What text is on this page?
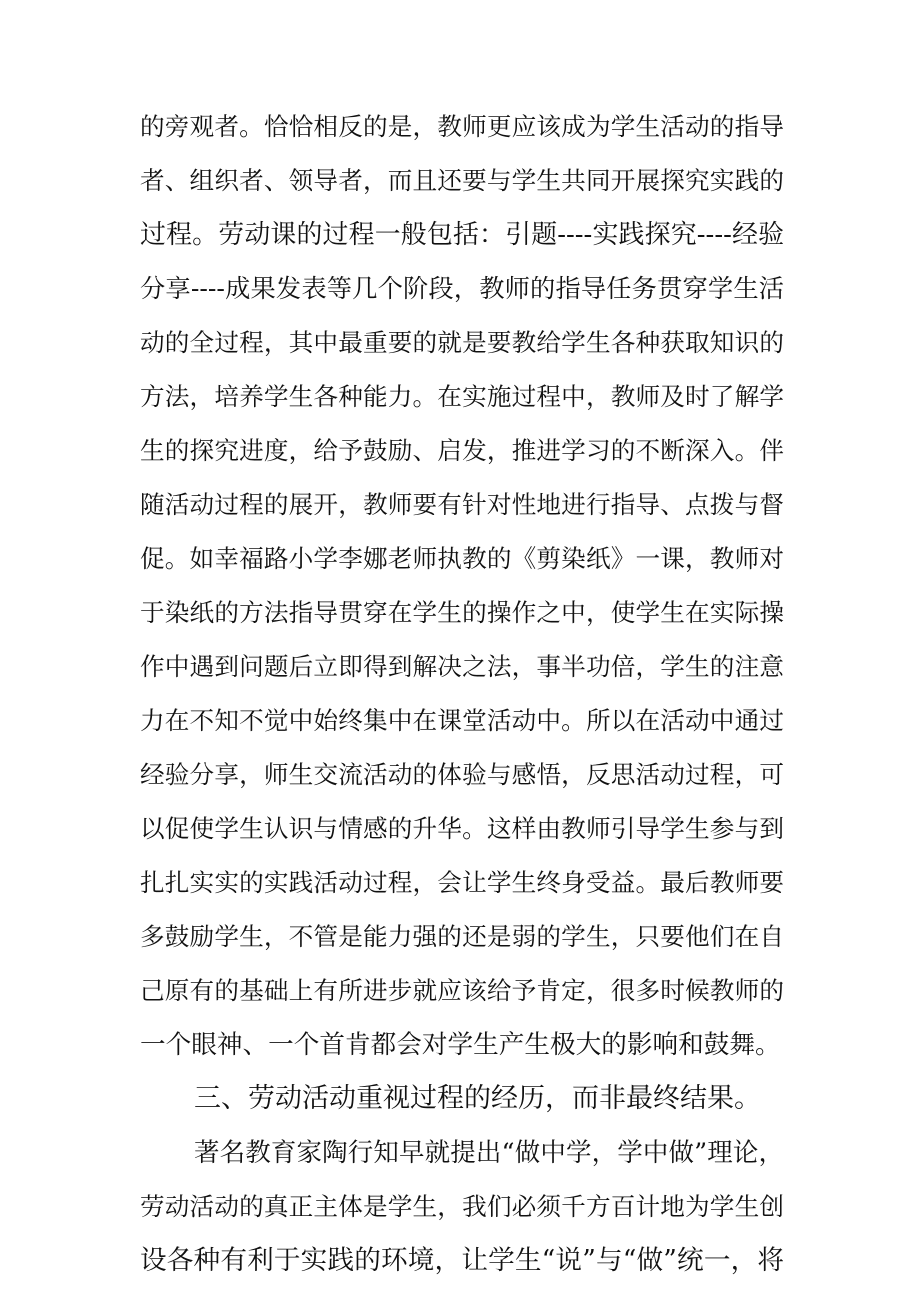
的旁观者。恰恰相反的是，教师更应该成为学生活动的指导
者、组织者、领导者，而且还要与学生共同开展探究实践的
过程。劳动课的过程一般包括：引题----实践探究----经验
分享----成果发表等几个阶段，教师的指导任务贯穿学生活
动的全过程，其中最重要的就是要教给学生各种获取知识的
方法，培养学生各种能力。在实施过程中，教师及时了解学
生的探究进度，给予鼓励、启发，推进学习的不断深入。伴
随活动过程的展开，教师要有针对性地进行指导、点拨与督
促。如幸福路小学李娜老师执教的《剪染纸》一课，教师对
于染纸的方法指导贯穿在学生的操作之中，使学生在实际操
作中遇到问题后立即得到解决之法，事半功倍，学生的注意
力在不知不觉中始终集中在课堂活动中。所以在活动中通过
经验分享，师生交流活动的体验与感悟，反思活动过程，可
以促使学生认识与情感的升华。这样由教师引导学生参与到
扎扎实实的实践活动过程，会让学生终身受益。最后教师要
多鼓励学生，不管是能力强的还是弱的学生，只要他们在自
己原有的基础上有所进步就应该给予肯定，很多时候教师的
一个眼神、一个首肯都会对学生产生极大的影响和鼓舞。
三、劳动活动重视过程的经历，而非最终结果。
著名教育家陶行知早就提出“做中学，学中做”理论，
劳动活动的真正主体是学生，我们必须千方百计地为学生创
设各种有利于实践的环境，让学生“说”与“做”统一，将
